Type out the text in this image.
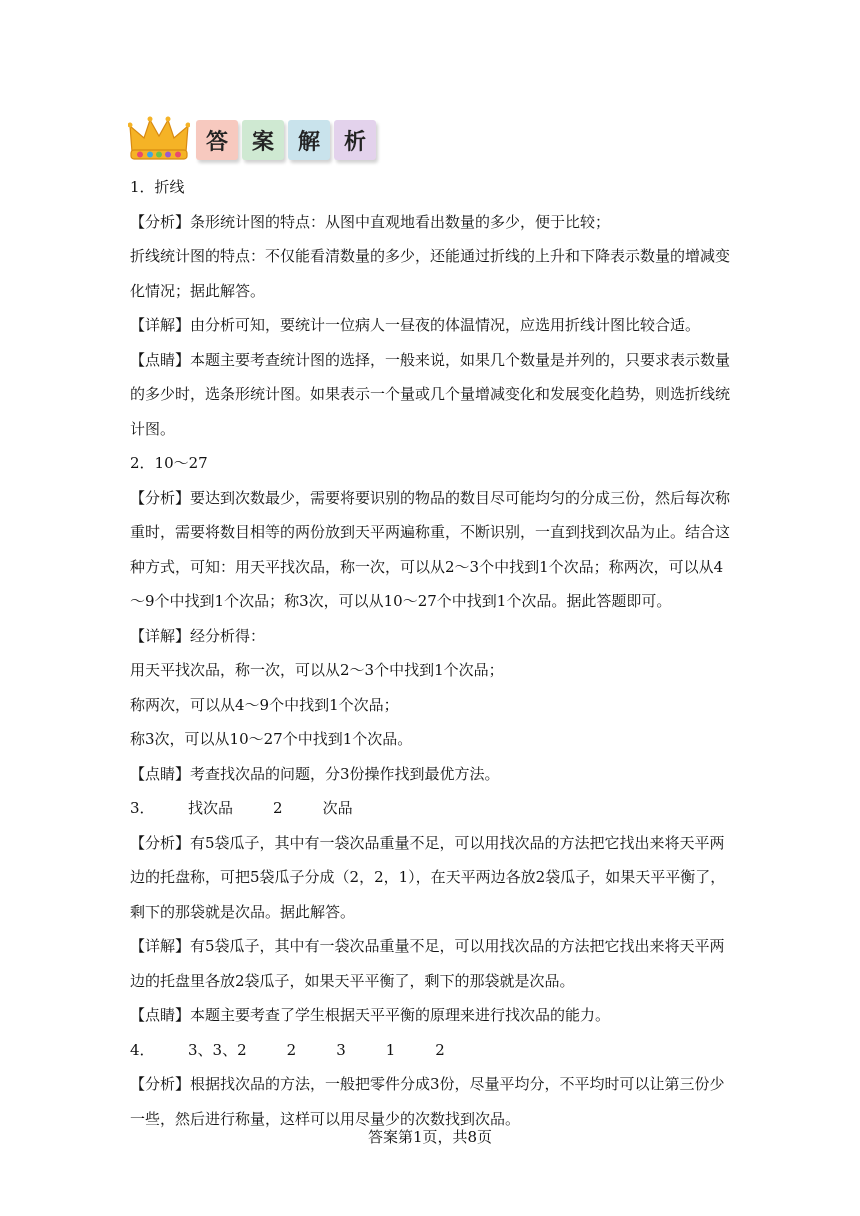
答	案	解	析

1．折线

【分析】条形统计图的特点：从图中直观地看出数量的多少，便于比较；

折线统计图的特点：不仅能看清数量的多少，还能通过折线的上升和下降表示数量的增减变化情况；据此解答。

【详解】由分析可知，要统计一位病人一昼夜的体温情况，应选用折线计图比较合适。

【点睛】本题主要考查统计图的选择，一般来说，如果几个数量是并列的，只要求表示数量的多少时，选条形统计图。如果表示一个量或几个量增减变化和发展变化趋势，则选折线统计图。

2．10～27

【分析】要达到次数最少，需要将要识别的物品的数目尽可能均匀的分成三份，然后每次称重时，需要将数目相等的两份放到天平两遍称重，不断识别，一直到找到次品为止。结合这种方式，可知：用天平找次品，称一次，可以从2～3个中找到1个次品；称两次，可以从4～9个中找到1个次品；称3次，可以从10～27个中找到1个次品。据此答题即可。

【详解】经分析得：

用天平找次品，称一次，可以从2～3个中找到1个次品；

称两次，可以从4～9个中找到1个次品；

称3次，可以从10～27个中找到1个次品。

【点睛】考查找次品的问题，分3份操作找到最优方法。

3． 找次品	2	次品

【分析】有5袋瓜子，其中有一袋次品重量不足，可以用找次品的方法把它找出来将天平两边的托盘称，可把5袋瓜子分成（2，2，1），在天平两边各放2袋瓜子，如果天平平衡了，剩下的那袋就是次品。据此解答。

【详解】有5袋瓜子，其中有一袋次品重量不足，可以用找次品的方法把它找出来将天平两边的托盘里各放2袋瓜子，如果天平平衡了，剩下的那袋就是次品。

【点睛】本题主要考查了学生根据天平平衡的原理来进行找次品的能力。

4． 3、3、2	2	3	1	2

【分析】根据找次品的方法，一般把零件分成3份，尽量平均分，不平均时可以让第三份少一些，然后进行称量，这样可以用尽量少的次数找到次品。

答案第1页，共8页
